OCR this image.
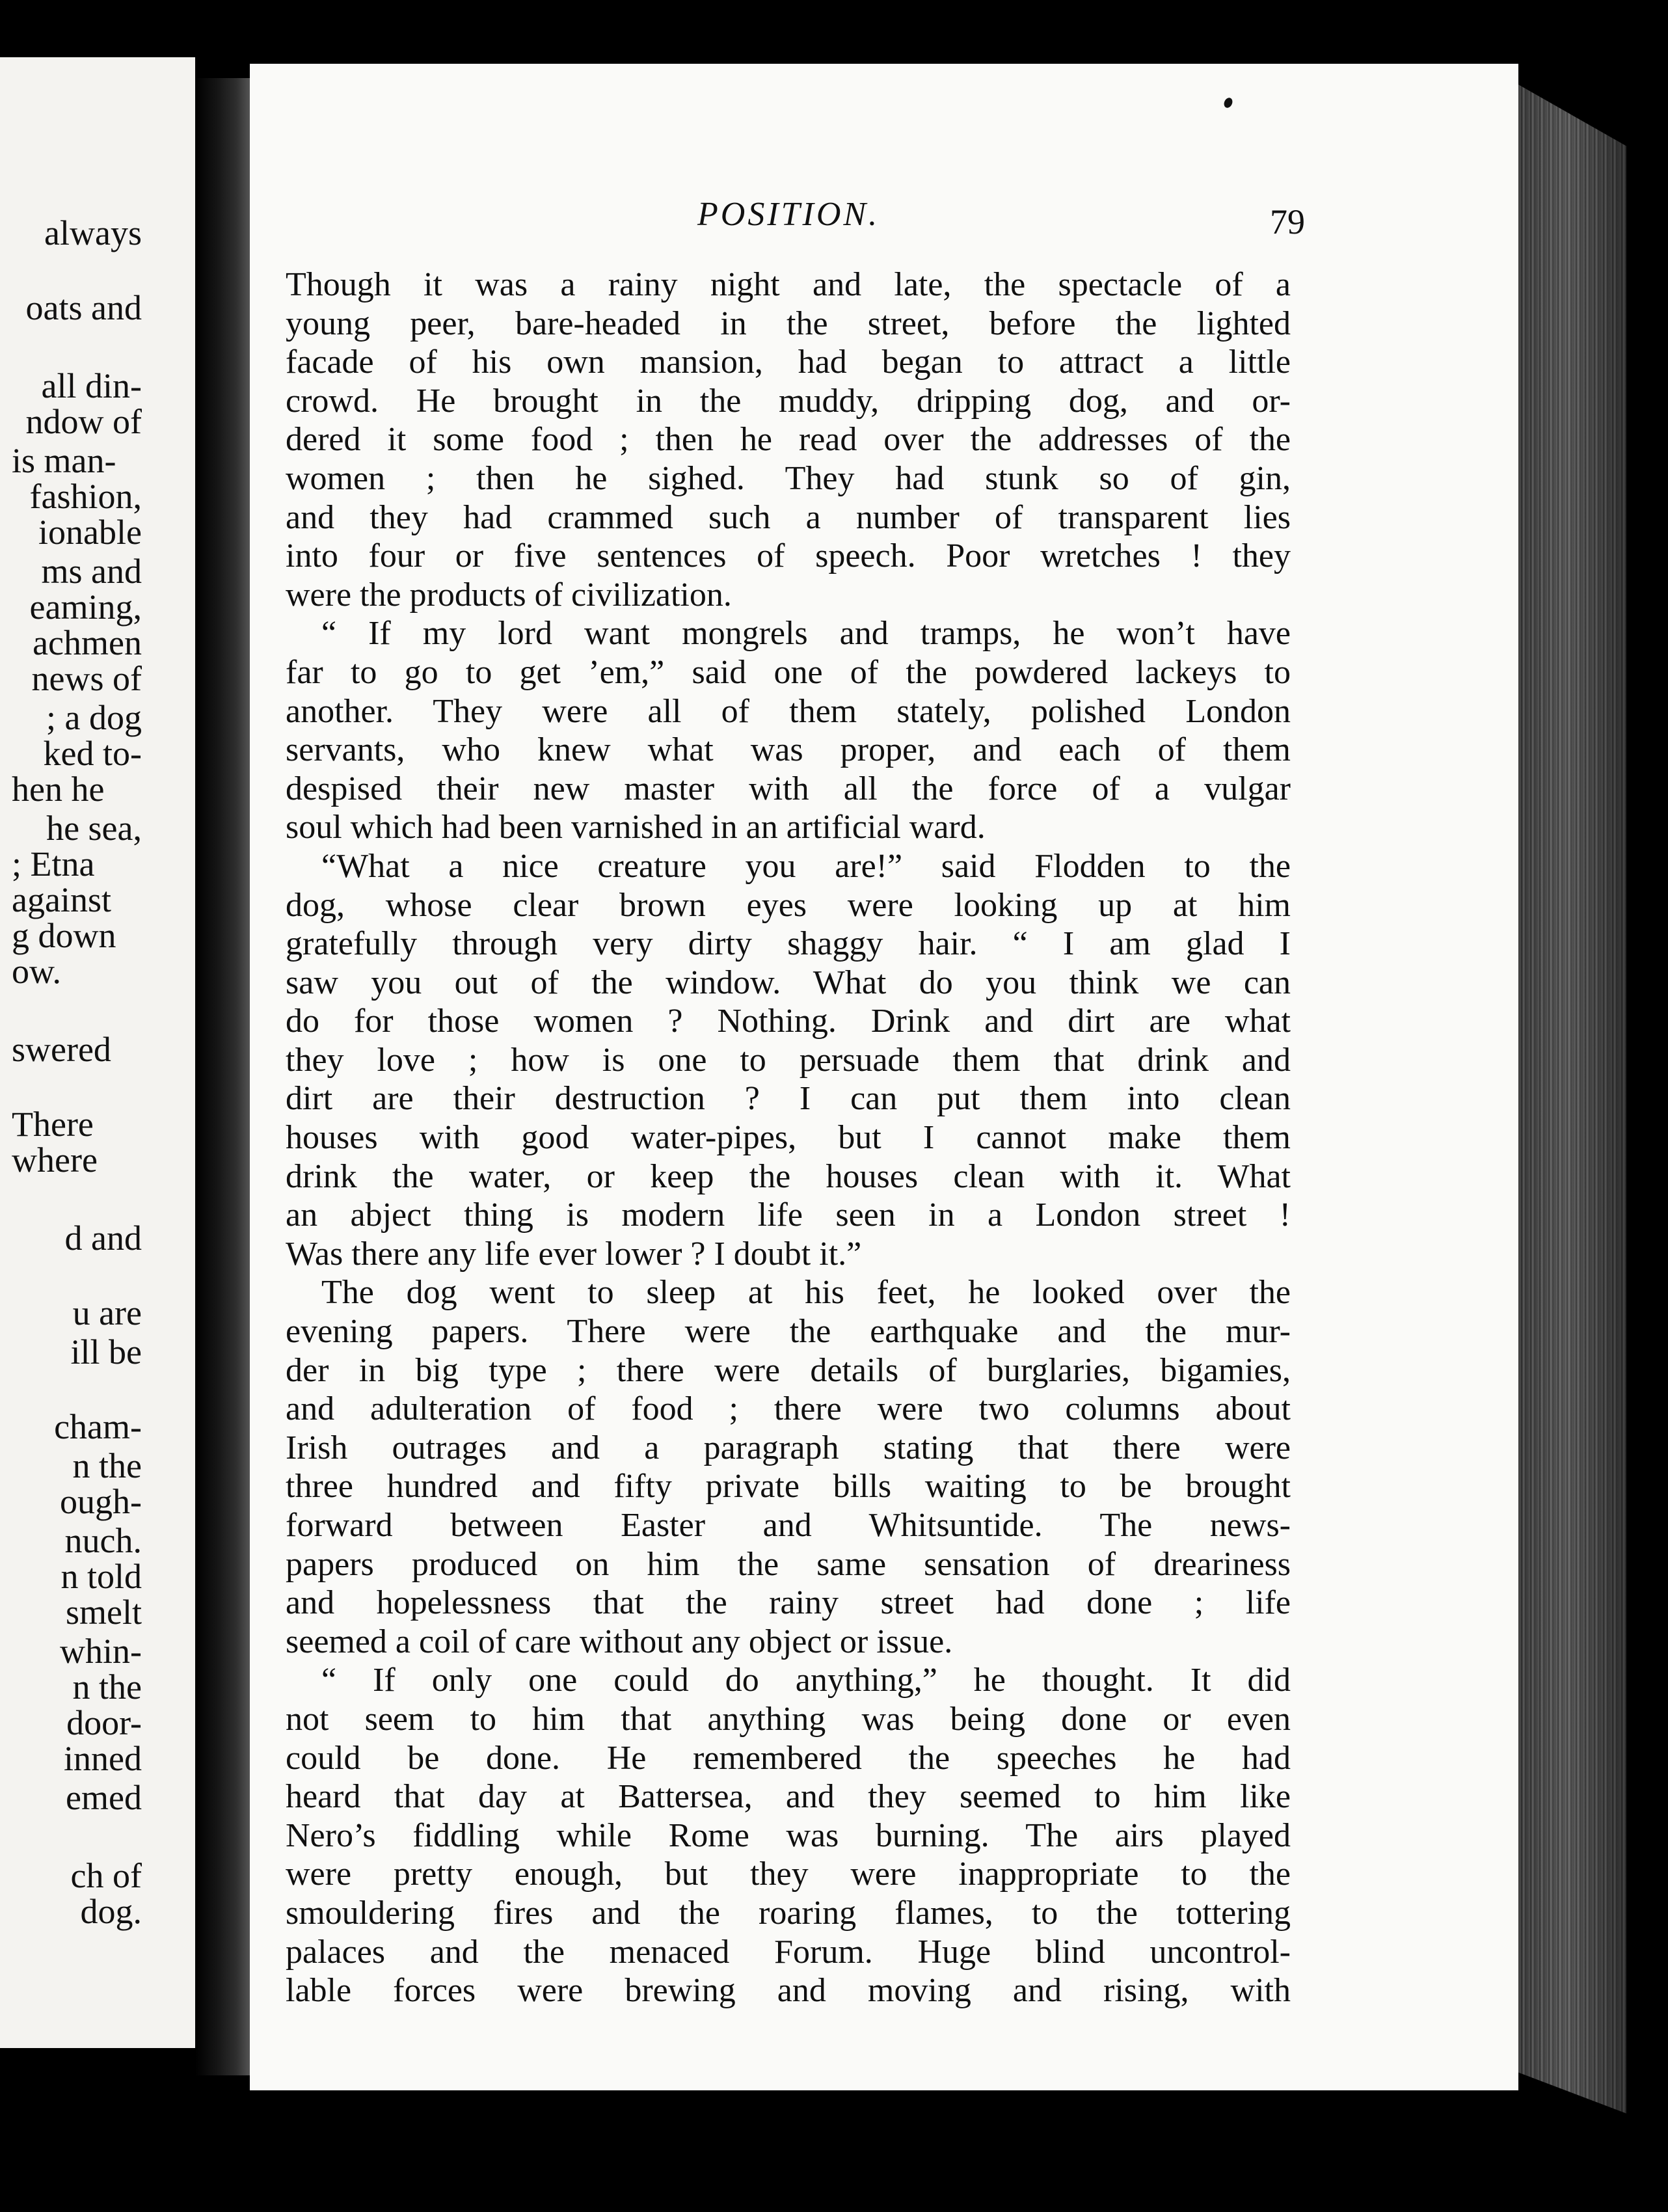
always
oats and
all din-
ndow of
is man-
fashion,
ionable
ms and
eaming,
achmen
news of
; a dog
ked to-
hen he
he sea,
; Etna
against
g down
ow.
swered
There
where
d and
u are
ill be
cham-
n the
ough-
nuch.
n told
smelt
whin-
n the
door-
inned
emed
ch of
dog.
POSITION.	79
Though it was a rainy night and late, the spectacle of a
young peer, bare-headed in the street, before the lighted
facade of his own mansion, had began to attract a little
crowd. He brought in the muddy, dripping dog, and or-
dered it some food ; then he read over the addresses of the
women ; then he sighed. They had stunk so of gin,
and they had crammed such a number of transparent lies
into four or five sentences of speech. Poor wretches ! they
were the products of civilization.
“ If my lord want mongrels and tramps, he won’t have
far to go to get ’em,” said one of the powdered lackeys to
another. They were all of them stately, polished London
servants, who knew what was proper, and each of them
despised their new master with all the force of a vulgar
soul which had been varnished in an artificial ward.
“What a nice creature you are!” said Flodden to the
dog, whose clear brown eyes were looking up at him
gratefully through very dirty shaggy hair. “ I am glad I
saw you out of the window. What do you think we can
do for those women ? Nothing. Drink and dirt are what
they love ; how is one to persuade them that drink and
dirt are their destruction ? I can put them into clean
houses with good water-pipes, but I cannot make them
drink the water, or keep the houses clean with it. What
an abject thing is modern life seen in a London street !
Was there any life ever lower ? I doubt it.”
The dog went to sleep at his feet, he looked over the
evening papers. There were the earthquake and the mur-
der in big type ; there were details of burglaries, bigamies,
and adulteration of food ; there were two columns about
Irish outrages and a paragraph stating that there were
three hundred and fifty private bills waiting to be brought
forward between Easter and Whitsuntide. The news-
papers produced on him the same sensation of dreariness
and hopelessness that the rainy street had done ; life
seemed a coil of care without any object or issue.
“ If only one could do anything,” he thought. It did
not seem to him that anything was being done or even
could be done. He remembered the speeches he had
heard that day at Battersea, and they seemed to him like
Nero’s fiddling while Rome was burning. The airs played
were pretty enough, but they were inappropriate to the
smouldering fires and the roaring flames, to the tottering
palaces and the menaced Forum. Huge blind uncontrol-
lable forces were brewing and moving and rising, with
